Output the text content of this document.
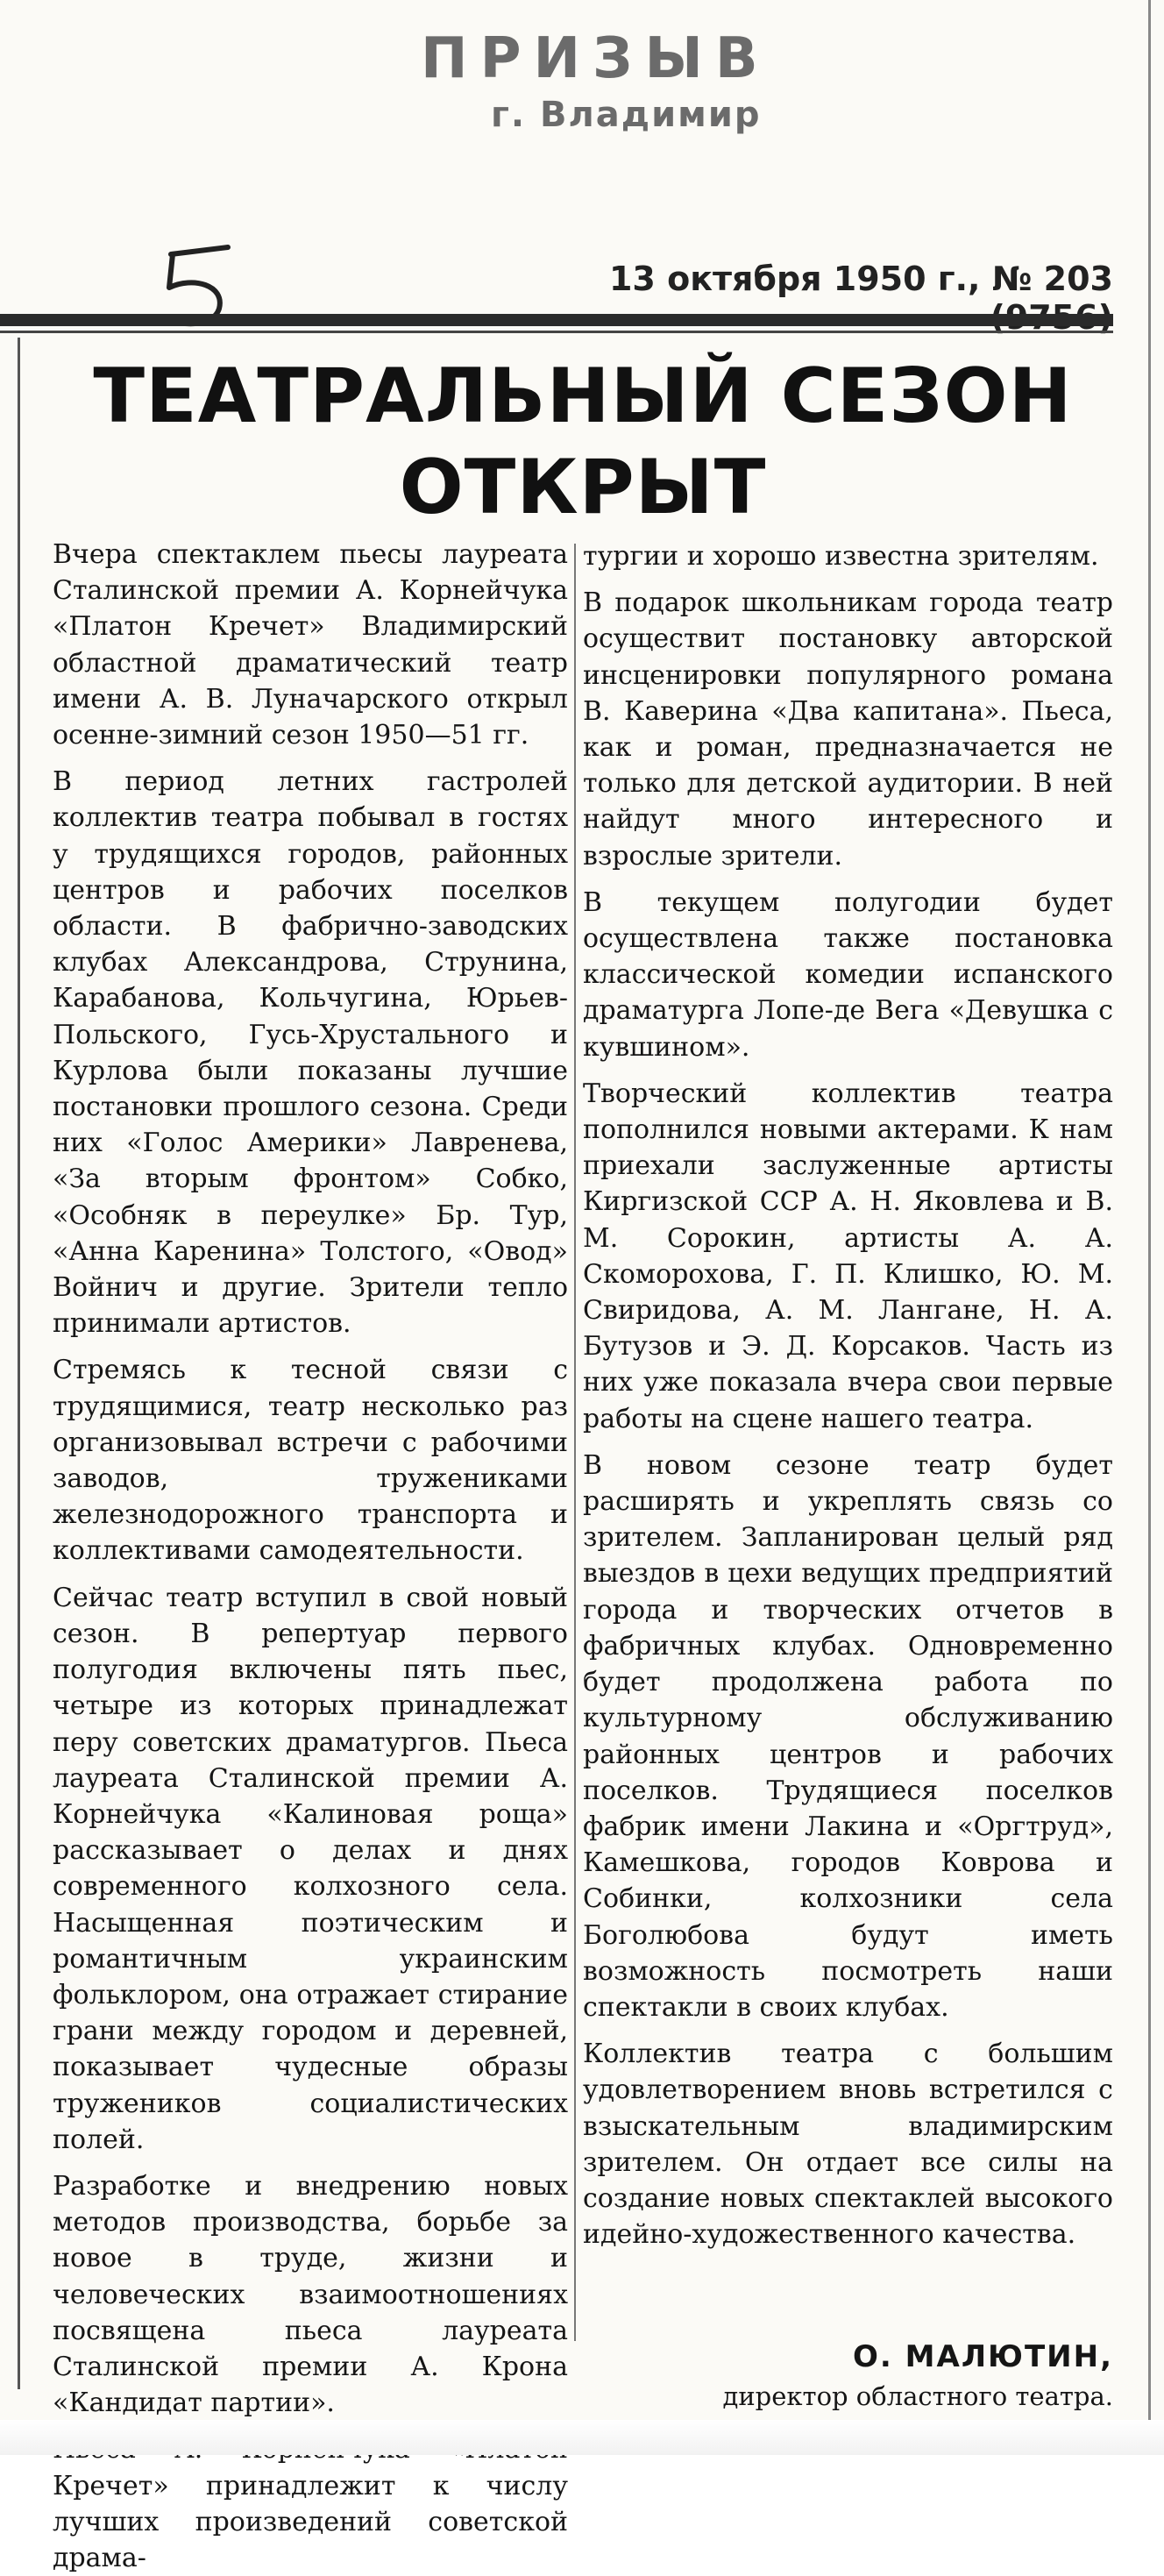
ПРИЗЫВ
г. Владимир
13 октября 1950 г., № 203
ТЕАТРАЛЬНЫЙ СЕЗОН
ОТКРЫТ

Вчера спектаклем пьесы лауреата Сталинской премии А. Корнейчука «Платон Кречет» Владимирский областной драматический театр имени А. В. Луначарского открыл осенне-зимний сезон 1950—51 гг.

В период летних гастролей коллектив театра побывал в гостях у трудящихся городов, районных центров и рабочих поселков области. В фабрично-заводских клубах Александрова, Струнина, Карабанова, Кольчугина, Юрьев-Польского, Гусь-Хрустального и Курлова были показаны лучшие постановки прошлого сезона. Среди них «Голос Америки» Лавренева, «За вторым фронтом» Собко, «Особняк в переулке» Бр. Тур, «Анна Каренина» Толстого, «Овод» Войнич и другие. Зрители тепло принимали артистов.

Стремясь к тесной связи с трудящимися, театр несколько раз организовывал встречи с рабочими заводов, тружениками железнодорожного транспорта и коллективами самодеятельности.

Сейчас театр вступил в свой новый сезон. В репертуар первого полугодия включены пять пьес, четыре из которых принадлежат перу советских драматургов. Пьеса лауреата Сталинской премии А. Корнейчука «Калиновая роща» рассказывает о делах и днях современного колхозного села. Насыщенная поэтическим и романтичным украинским фольклором, она отражает стирание грани между городом и деревней, показывает чудесные образы тружеников социалистических полей.

Разработке и внедрению новых методов производства, борьбе за новое в труде, жизни и человеческих взаимоотношениях посвящена пьеса лауреата Сталинской премии А. Крона «Кандидат партии».

Кречет» принадлежит к числу лучших произведений советской драма-

тургии и хорошо известна зрителям.

В подарок школьникам города театр осуществит постановку авторской инсценировки популярного романа В. Каверина «Два капитана». Пьеса, как и роман, предназначается не только для детской аудитории. В ней найдут много интересного и взрослые зрители.

В текущем полугодии будет осуществлена также постановка классической комедии испанского драматурга Лопе-де Вега «Девушка с кувшином».

Творческий коллектив театра пополнился новыми актерами. К нам приехали заслуженные артисты Киргизской ССР А. Н. Яковлева и В. М. Сорокин, артисты А. А. Скоморохова, Г. П. Клишко, Ю. М. Свиридова, А. М. Лангане, Н. А. Бутузов и Э. Д. Корсаков. Часть из них уже показала вчера свои первые работы на сцене нашего театра.

В новом сезоне театр будет расширять и укреплять связь со зрителем. Запланирован целый ряд выездов в цехи ведущих предприятий города и творческих отчетов в фабричных клубах. Одновременно будет продолжена работа по культурному обслуживанию районных центров и рабочих поселков. Трудящиеся поселков фабрик имени Лакина и «Оргтруд», Камешкова, городов Коврова и Собинки, колхозники села Боголюбова будут иметь возможность посмотреть наши спектакли в своих клубах.

Коллектив театра с большим удовлетворением вновь встретился с взыскательным владимирским зрителем. Он отдает все силы на создание новых спектаклей высокого идейно-художественного качества.

О. МАЛЮТИН,
директор областного театра.
